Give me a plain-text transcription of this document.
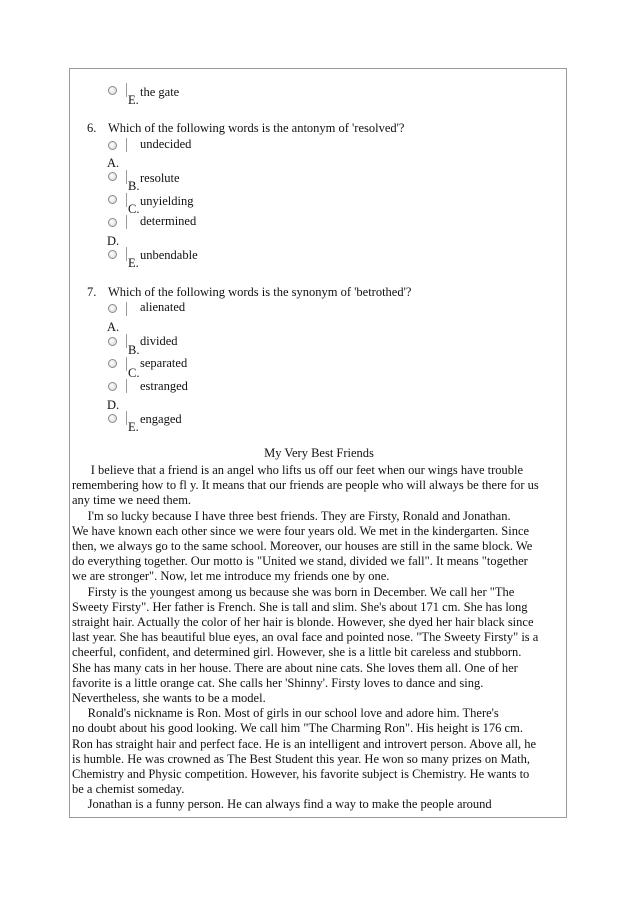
E.
the gate
6. Which of the following words is the antonym of 'resolved'?
undecided
A.
B.
resolute
C.
unyielding
determined
D.
E.
unbendable
7. Which of the following words is the synonym of 'betrothed'?
alienated
A.
B.
divided
C.
separated
estranged
D.
E.
engaged
My Very Best Friends

I believe that a friend is an angel who lifts us off our feet when our wings have trouble

remembering how to fl y. It means that our friends are people who will always be there for us

any time we need them.

I'm so lucky because I have three best friends. They are Firsty, Ronald and Jonathan.

We have known each other since we were four years old. We met in the kindergarten. Since

then, we always go to the same school. Moreover, our houses are still in the same block. We

do everything together. Our motto is "United we stand, divided we fall". It means "together

we are stronger". Now, let me introduce my friends one by one.

Firsty is the youngest among us because she was born in December. We call her "The

Sweety Firsty". Her father is French. She is tall and slim. She's about 171 cm. She has long

straight hair. Actually the color of her hair is blonde. However, she dyed her hair black since

last year. She has beautiful blue eyes, an oval face and pointed nose. "The Sweety Firsty" is a

cheerful, confident, and determined girl. However, she is a little bit careless and stubborn.

She has many cats in her house. There are about nine cats. She loves them all. One of her

favorite is a little orange cat. She calls her 'Shinny'. Firsty loves to dance and sing.

Nevertheless, she wants to be a model.

Ronald's nickname is Ron. Most of girls in our school love and adore him. There's

no doubt about his good looking. We call him "The Charming Ron". His height is 176 cm.

Ron has straight hair and perfect face. He is an intelligent and introvert person. Above all, he

is humble. He was crowned as The Best Student this year. He won so many prizes on Math,

Chemistry and Physic competition. However, his favorite subject is Chemistry. He wants to

be a chemist someday.

Jonathan is a funny person. He can always find a way to make the people around
